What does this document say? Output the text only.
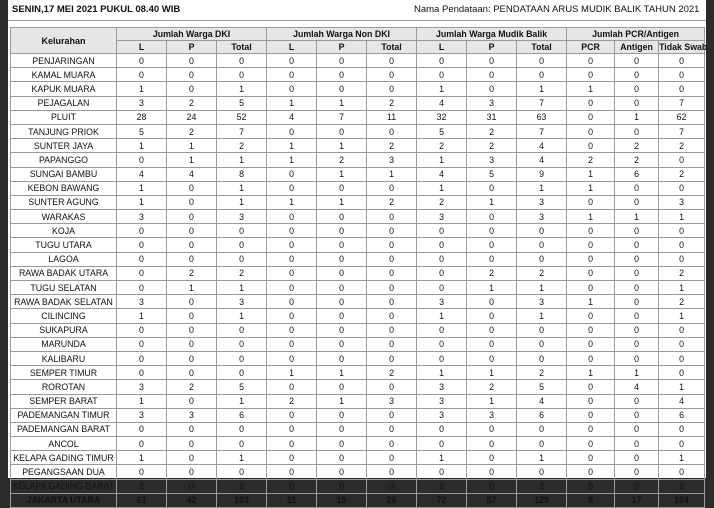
SENIN,17 MEI 2021 PUKUL 08.40 WIB	Nama Pendataan: PENDATAAN ARUS MUDIK BALIK TAHUN 2021
Kelurahan	Jumlah Warga DKI			Jumlah Warga Non DKI			Jumlah Warga Mudik Balik			Jumlah PCR/Antigen		
	L	P	Total	L	P	Total	L	P	Total	PCR	Antigen	Tidak Swab
PENJARINGAN	0	0	0	0	0	0	0	0	0	0	0	0
KAMAL MUARA	0	0	0	0	0	0	0	0	0	0	0	0
KAPUK MUARA	1	0	1	0	0	0	1	0	1	1	0	0
PEJAGALAN	3	2	5	1	1	2	4	3	7	0	0	7
PLUIT	28	24	52	4	7	11	32	31	63	0	1	62
TANJUNG PRIOK	5	2	7	0	0	0	5	2	7	0	0	7
SUNTER JAYA	1	1	2	1	1	2	2	2	4	0	2	2
PAPANGGO	0	1	1	1	2	3	1	3	4	2	2	0
SUNGAI BAMBU	4	4	8	0	1	1	4	5	9	1	6	2
KEBON BAWANG	1	0	1	0	0	0	1	0	1	1	0	0
SUNTER AGUNG	1	0	1	1	1	2	2	1	3	0	0	3
WARAKAS	3	0	3	0	0	0	3	0	3	1	1	1
KOJA	0	0	0	0	0	0	0	0	0	0	0	0
TUGU UTARA	0	0	0	0	0	0	0	0	0	0	0	0
LAGOA	0	0	0	0	0	0	0	0	0	0	0	0
RAWA BADAK UTARA	0	2	2	0	0	0	0	2	2	0	0	2
TUGU SELATAN	0	1	1	0	0	0	0	1	1	0	0	1
RAWA BADAK SELATAN	3	0	3	0	0	0	3	0	3	1	0	2
CILINCING	1	0	1	0	0	0	1	0	1	0	0	1
SUKAPURA	0	0	0	0	0	0	0	0	0	0	0	0
MARUNDA	0	0	0	0	0	0	0	0	0	0	0	0
KALIBARU	0	0	0	0	0	0	0	0	0	0	0	0
SEMPER TIMUR	0	0	0	1	1	2	1	1	2	1	1	0
ROROTAN	3	2	5	0	0	0	3	2	5	0	4	1
SEMPER BARAT	1	0	1	2	1	3	3	1	4	0	0	4
PADEMANGAN TIMUR	3	3	6	0	0	0	3	3	6	0	0	6
PADEMANGAN BARAT	0	0	0	0	0	0	0	0	0	0	0	0
ANCOL	0	0	0	0	0	0	0	0	0	0	0	0
KELAPA GADING TIMUR	1	0	1	0	0	0	1	0	1	0	0	1
PEGANGSAAN DUA	0	0	0	0	0	0	0	0	0	0	0	0
KELAPA GADING BARAT	2	0	2	0	0	0	2	0	2	0	0	2
JAKARTA UTARA	61	42	103	11	15	26	72	57	129	8	17	104
